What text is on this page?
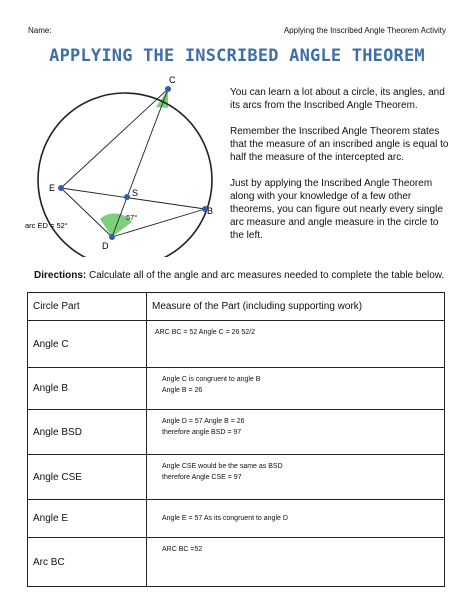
Name:	Applying the Inscribed Angle Theorem Activity
APPLYING THE INSCRIBED ANGLE THEOREM
C
E	S
B
D
57°
arc ED = 52°
You can learn a lot about a circle, its angles, and its arcs from the Inscribed Angle Theorem.
Remember the Inscribed Angle Theorem states that the measure of an inscribed angle is equal to half the measure of the intercepted arc.
Just by applying the Inscribed Angle Theorem along with your knowledge of a few other theorems, you can figure out nearly every single arc measure and angle measure in the circle to the left.
Directions: Calculate all of the angle and arc measures needed to complete the table below.
Circle Part	Measure of the Part (including supporting work)
Angle C	ARC BC = 52 Angle C = 26 52/2

Angle B	Angle C is congruent to angle B
Angle B = 26

Angle BSD	Angle D = 57 Angle B = 26
therefore angle BSD = 97

Angle CSE	Angle CSE would be the same as BSD
therefore Angle CSE = 97

Angle E	Angle E = 57 As its congruent to angle D

Arc BC	ARC BC =52
